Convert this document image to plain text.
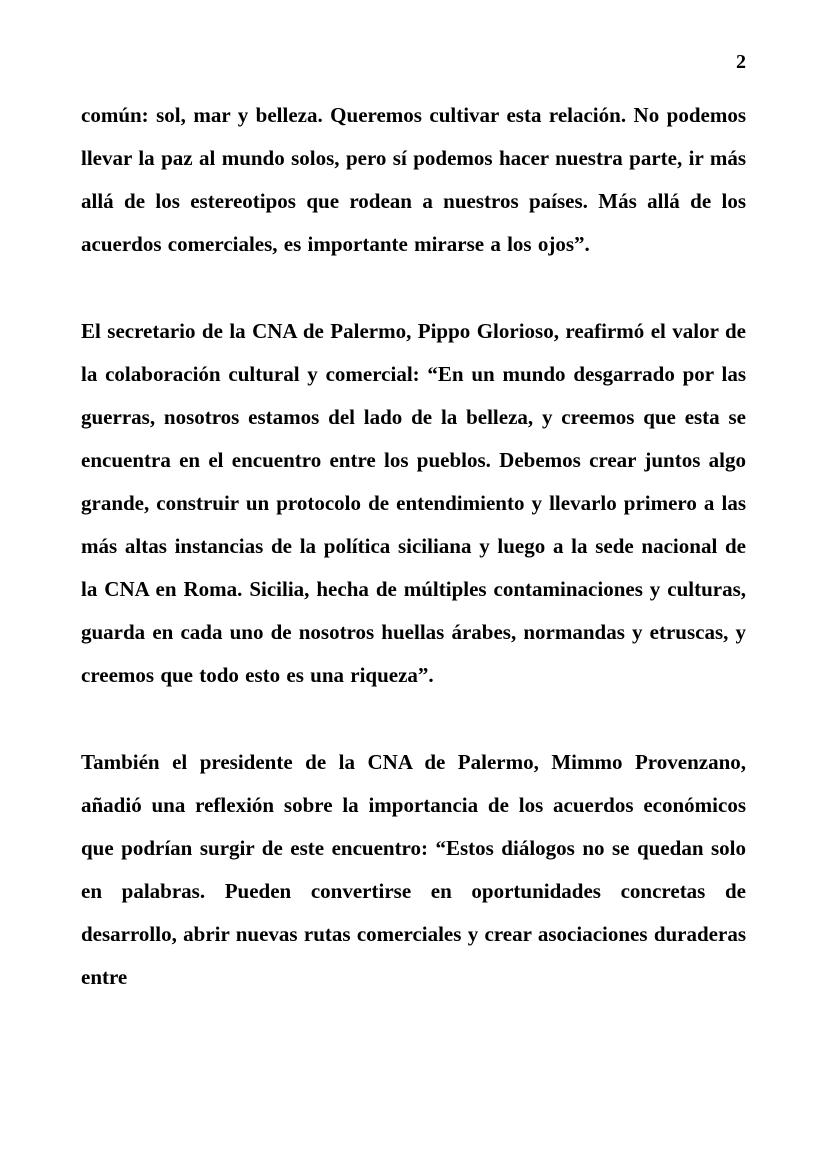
2

común: sol, mar y belleza. Queremos cultivar esta relación. No podemos llevar la paz al mundo solos, pero sí podemos hacer nuestra parte, ir más allá de los estereotipos que rodean a nuestros países. Más allá de los acuerdos comerciales, es importante mirarse a los ojos”.

El secretario de la CNA de Palermo, Pippo Glorioso, reafirmó el valor de la colaboración cultural y comercial: “En un mundo desgarrado por las guerras, nosotros estamos del lado de la belleza, y creemos que esta se encuentra en el encuentro entre los pueblos. Debemos crear juntos algo grande, construir un protocolo de entendimiento y llevarlo primero a las más altas instancias de la política siciliana y luego a la sede nacional de la CNA en Roma. Sicilia, hecha de múltiples contaminaciones y culturas, guarda en cada uno de nosotros huellas árabes, normandas y etruscas, y creemos que todo esto es una riqueza”.

También el presidente de la CNA de Palermo, Mimmo Provenzano, añadió una reflexión sobre la importancia de los acuerdos económicos que podrían surgir de este encuentro: “Estos diálogos no se quedan solo en palabras. Pueden convertirse en oportunidades concretas de desarrollo, abrir nuevas rutas comerciales y crear asociaciones duraderas entre
